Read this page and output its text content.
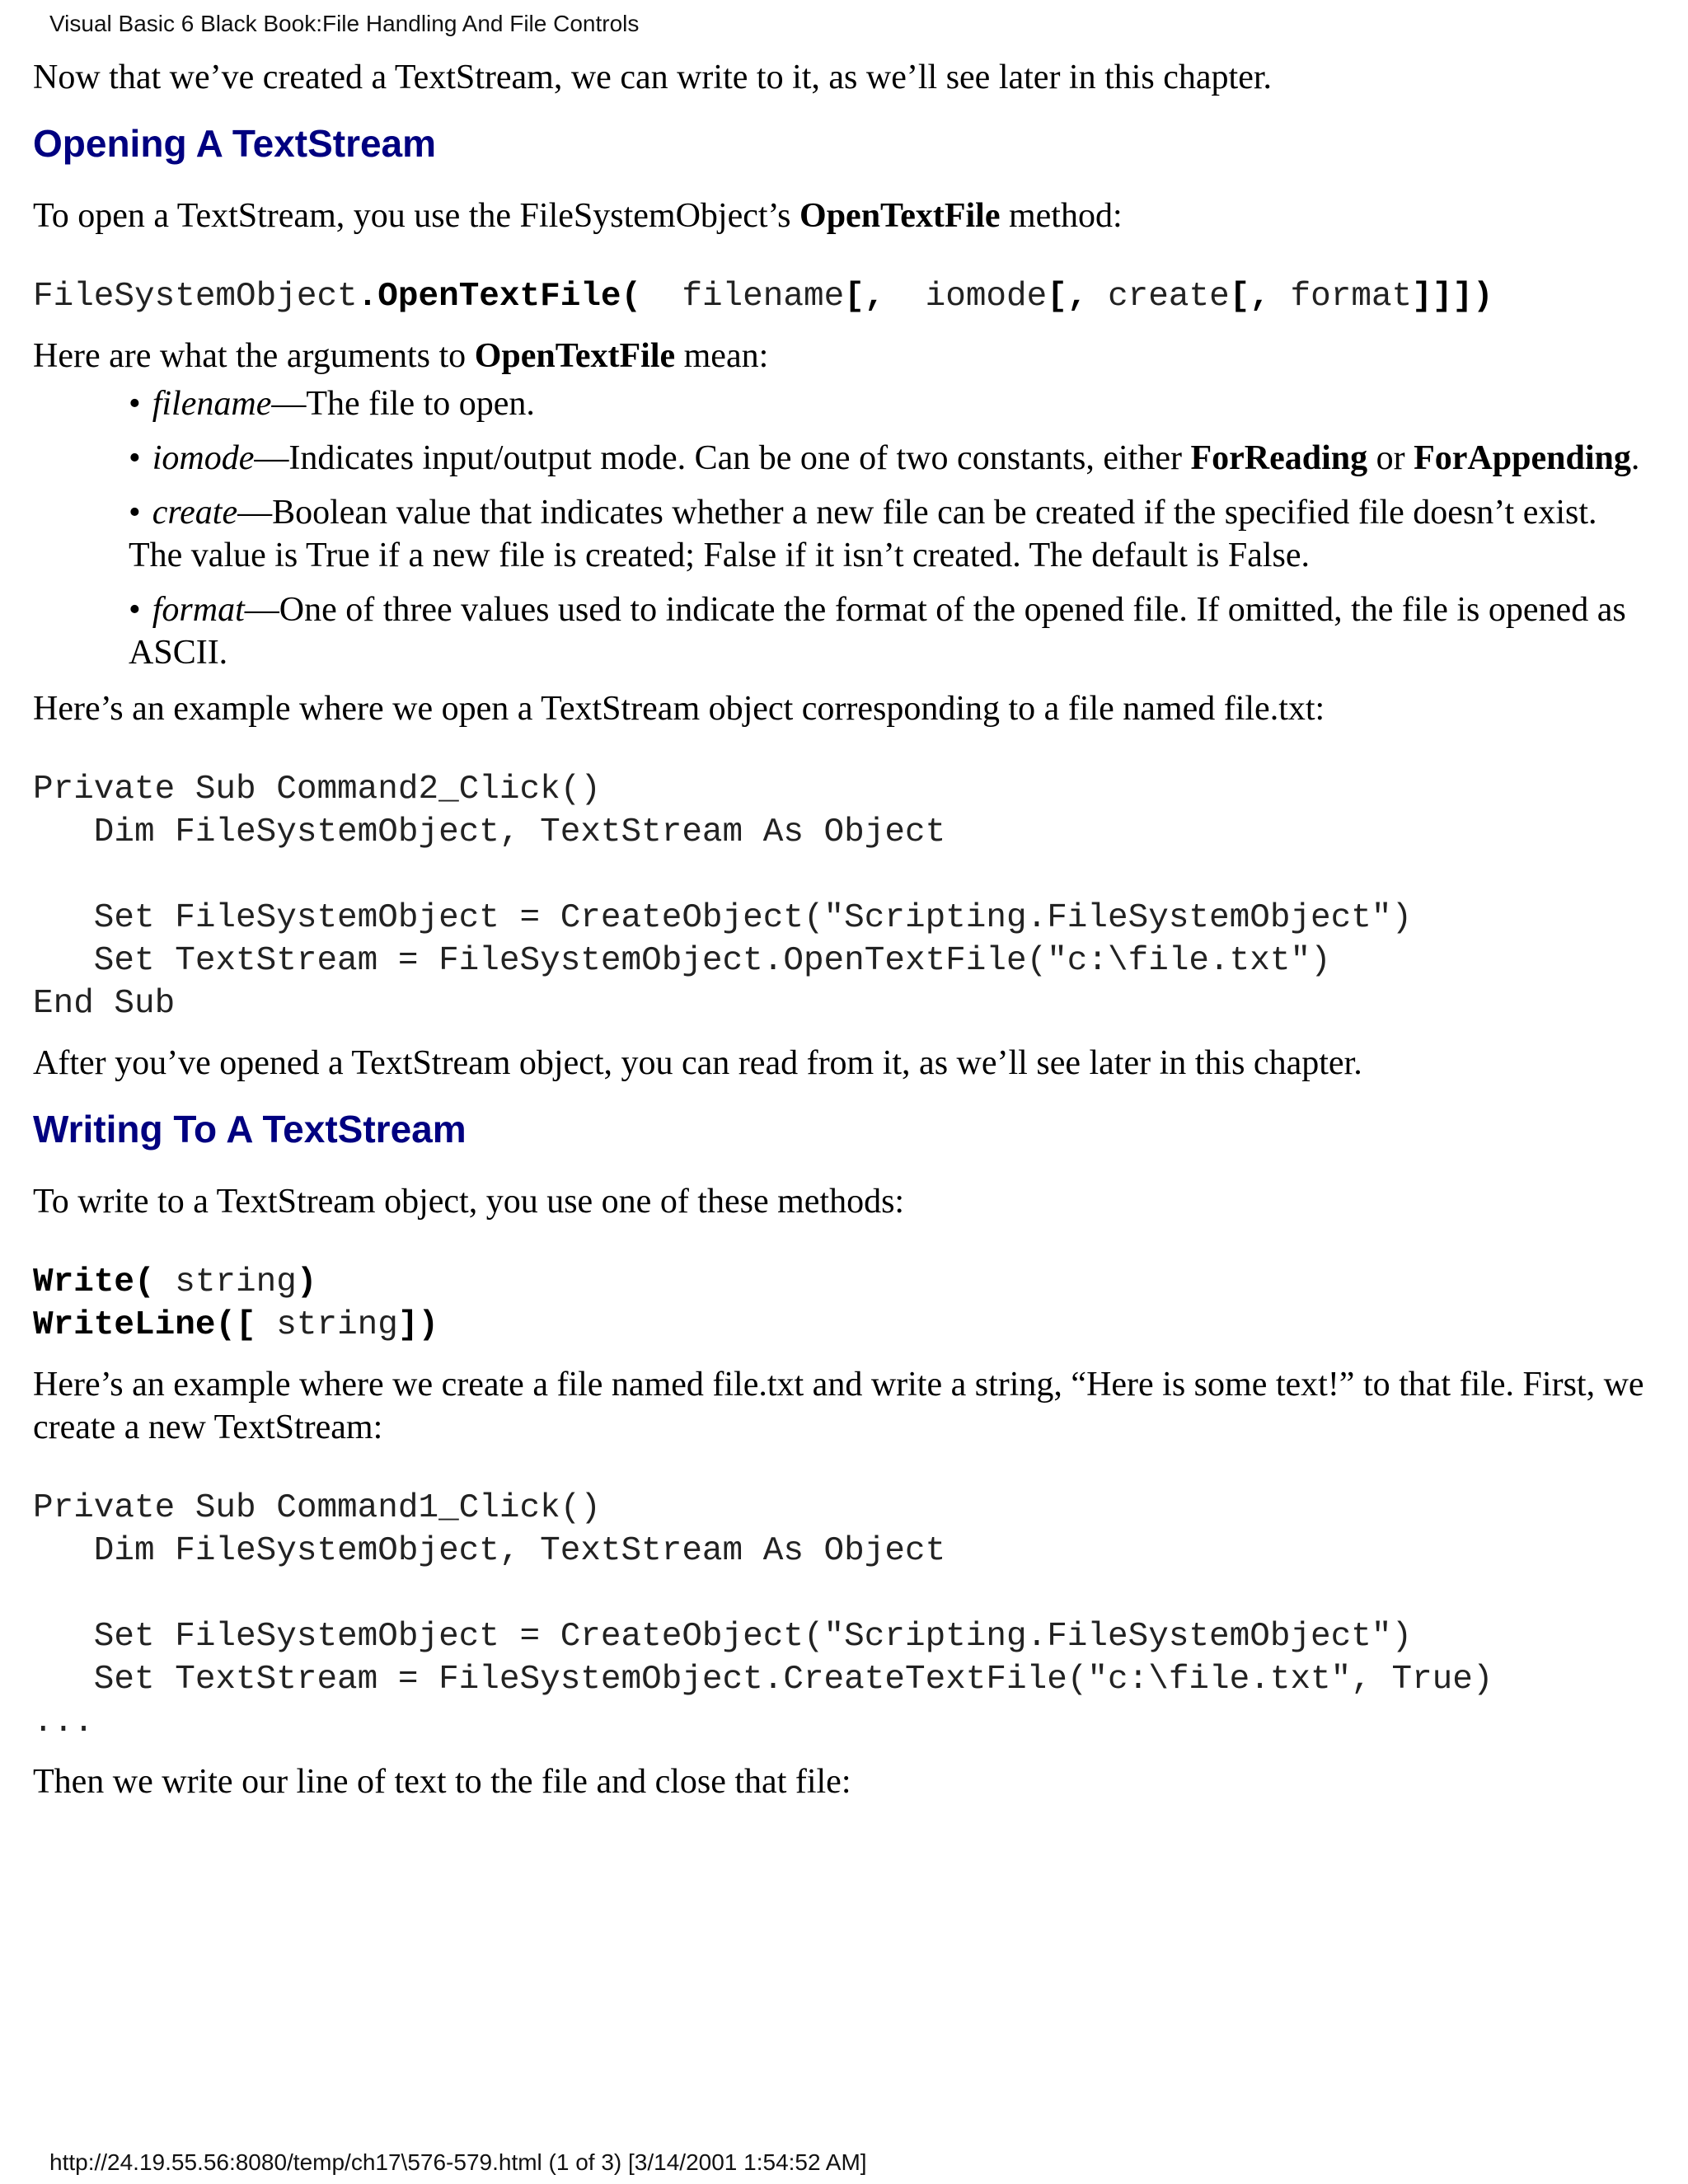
Visual Basic 6 Black Book:File Handling And File Controls

Now that we’ve created a TextStream, we can write to it, as we’ll see later in this chapter.

Opening A TextStream

To open a TextStream, you use the FileSystemObject’s OpenTextFile method:

FileSystemObject.OpenTextFile(  filename[,  iomode[, create[, format]]])

Here are what the arguments to OpenTextFile mean:

• filename—The file to open.
• iomode—Indicates input/output mode. Can be one of two constants, either ForReading or ForAppending.
• create—Boolean value that indicates whether a new file can be created if the specified file doesn’t exist. The value is True if a new file is created; False if it isn’t created. The default is False.
• format—One of three values used to indicate the format of the opened file. If omitted, the file is opened as ASCII.

Here’s an example where we open a TextStream object corresponding to a file named file.txt:

Private Sub Command2_Click()
Dim FileSystemObject, TextStream As Object

Set FileSystemObject = CreateObject("Scripting.FileSystemObject")
Set TextStream = FileSystemObject.OpenTextFile("c:\file.txt")
End Sub

After you’ve opened a TextStream object, you can read from it, as we’ll see later in this chapter.

Writing To A TextStream

To write to a TextStream object, you use one of these methods:

Write( string)
WriteLine([ string])

Here’s an example where we create a file named file.txt and write a string, “Here is some text!” to that file. First, we create a new TextStream:

Private Sub Command1_Click()
Dim FileSystemObject, TextStream As Object

Set FileSystemObject = CreateObject("Scripting.FileSystemObject")
Set TextStream = FileSystemObject.CreateTextFile("c:\file.txt", True)
...

Then we write our line of text to the file and close that file:

http://24.19.55.56:8080/temp/ch17\576-579.html (1 of 3) [3/14/2001 1:54:52 AM]
